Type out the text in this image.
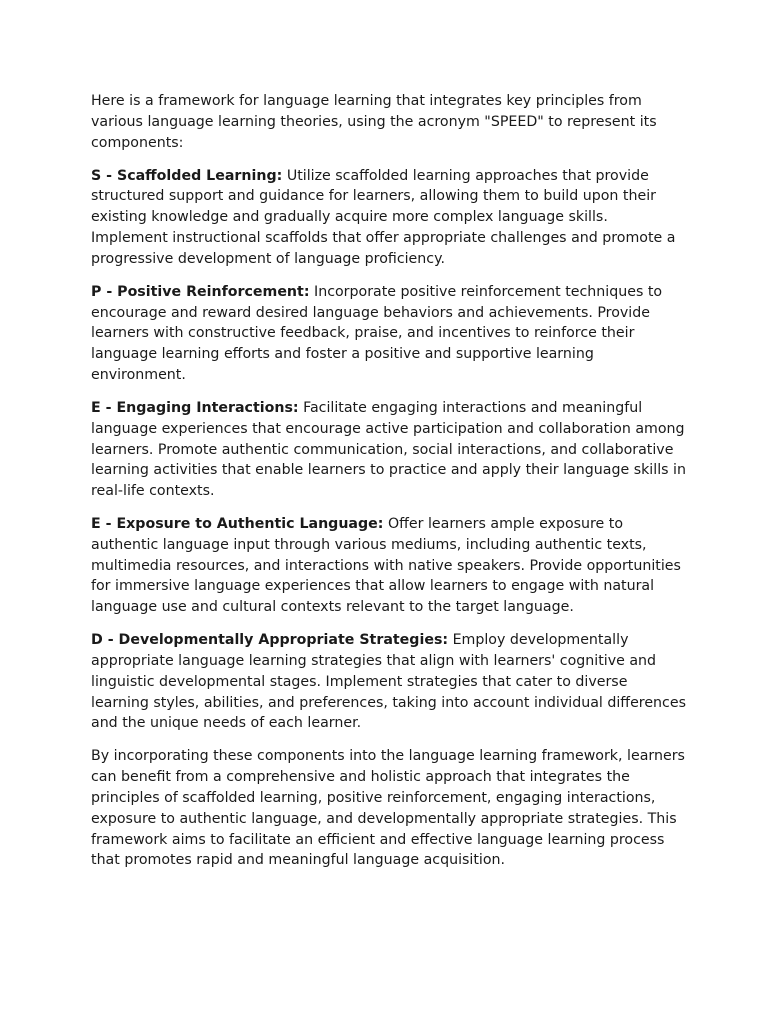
Here is a framework for language learning that integrates key principles from various language learning theories, using the acronym "SPEED" to represent its components:

S - Scaffolded Learning: Utilize scaffolded learning approaches that provide structured support and guidance for learners, allowing them to build upon their existing knowledge and gradually acquire more complex language skills. Implement instructional scaffolds that offer appropriate challenges and promote a progressive development of language proficiency.

P - Positive Reinforcement: Incorporate positive reinforcement techniques to encourage and reward desired language behaviors and achievements. Provide learners with constructive feedback, praise, and incentives to reinforce their language learning efforts and foster a positive and supportive learning environment.

E - Engaging Interactions: Facilitate engaging interactions and meaningful language experiences that encourage active participation and collaboration among learners. Promote authentic communication, social interactions, and collaborative learning activities that enable learners to practice and apply their language skills in real-life contexts.

E - Exposure to Authentic Language: Offer learners ample exposure to authentic language input through various mediums, including authentic texts, multimedia resources, and interactions with native speakers. Provide opportunities for immersive language experiences that allow learners to engage with natural language use and cultural contexts relevant to the target language.

D - Developmentally Appropriate Strategies: Employ developmentally appropriate language learning strategies that align with learners' cognitive and linguistic developmental stages. Implement strategies that cater to diverse learning styles, abilities, and preferences, taking into account individual differences and the unique needs of each learner.

By incorporating these components into the language learning framework, learners can benefit from a comprehensive and holistic approach that integrates the principles of scaffolded learning, positive reinforcement, engaging interactions, exposure to authentic language, and developmentally appropriate strategies. This framework aims to facilitate an efficient and effective language learning process that promotes rapid and meaningful language acquisition.
